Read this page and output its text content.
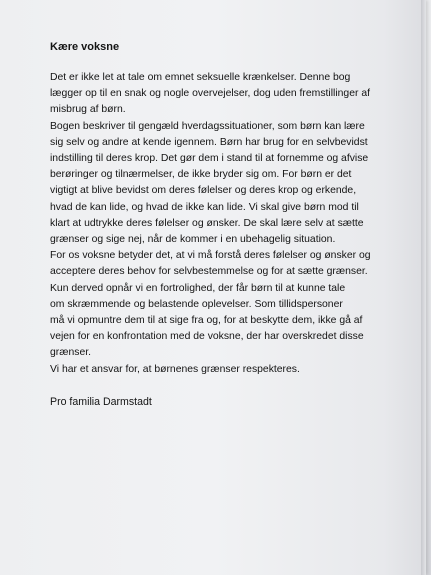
Kære voksne

Det er ikke let at tale om emnet seksuelle krænkelser. Denne bog
lægger op til en snak og nogle overvejelser, dog uden fremstillinger af
misbrug af børn.

Bogen beskriver til gengæld hverdagssituationer, som børn kan lære
sig selv og andre at kende igennem. Børn har brug for en selvbevidst
indstilling til deres krop. Det gør dem i stand til at fornemme og afvise
berøringer og tilnærmelser, de ikke bryder sig om. For børn er det
vigtigt at blive bevidst om deres følelser og deres krop og erkende,
hvad de kan lide, og hvad de ikke kan lide. Vi skal give børn mod til
klart at udtrykke deres følelser og ønsker. De skal lære selv at sætte
grænser og sige nej, når de kommer i en ubehagelig situation.

For os voksne betyder det, at vi må forstå deres følelser og ønsker og
acceptere deres behov for selvbestemmelse og for at sætte grænser.
Kun derved opnår vi en fortrolighed, der får børn til at kunne tale
om skræmmende og belastende oplevelser. Som tillidspersoner
må vi opmuntre dem til at sige fra og, for at beskytte dem, ikke gå af
vejen for en konfrontation med de voksne, der har overskredet disse
grænser.

Vi har et ansvar for, at børnenes grænser respekteres.

Pro familia Darmstadt
